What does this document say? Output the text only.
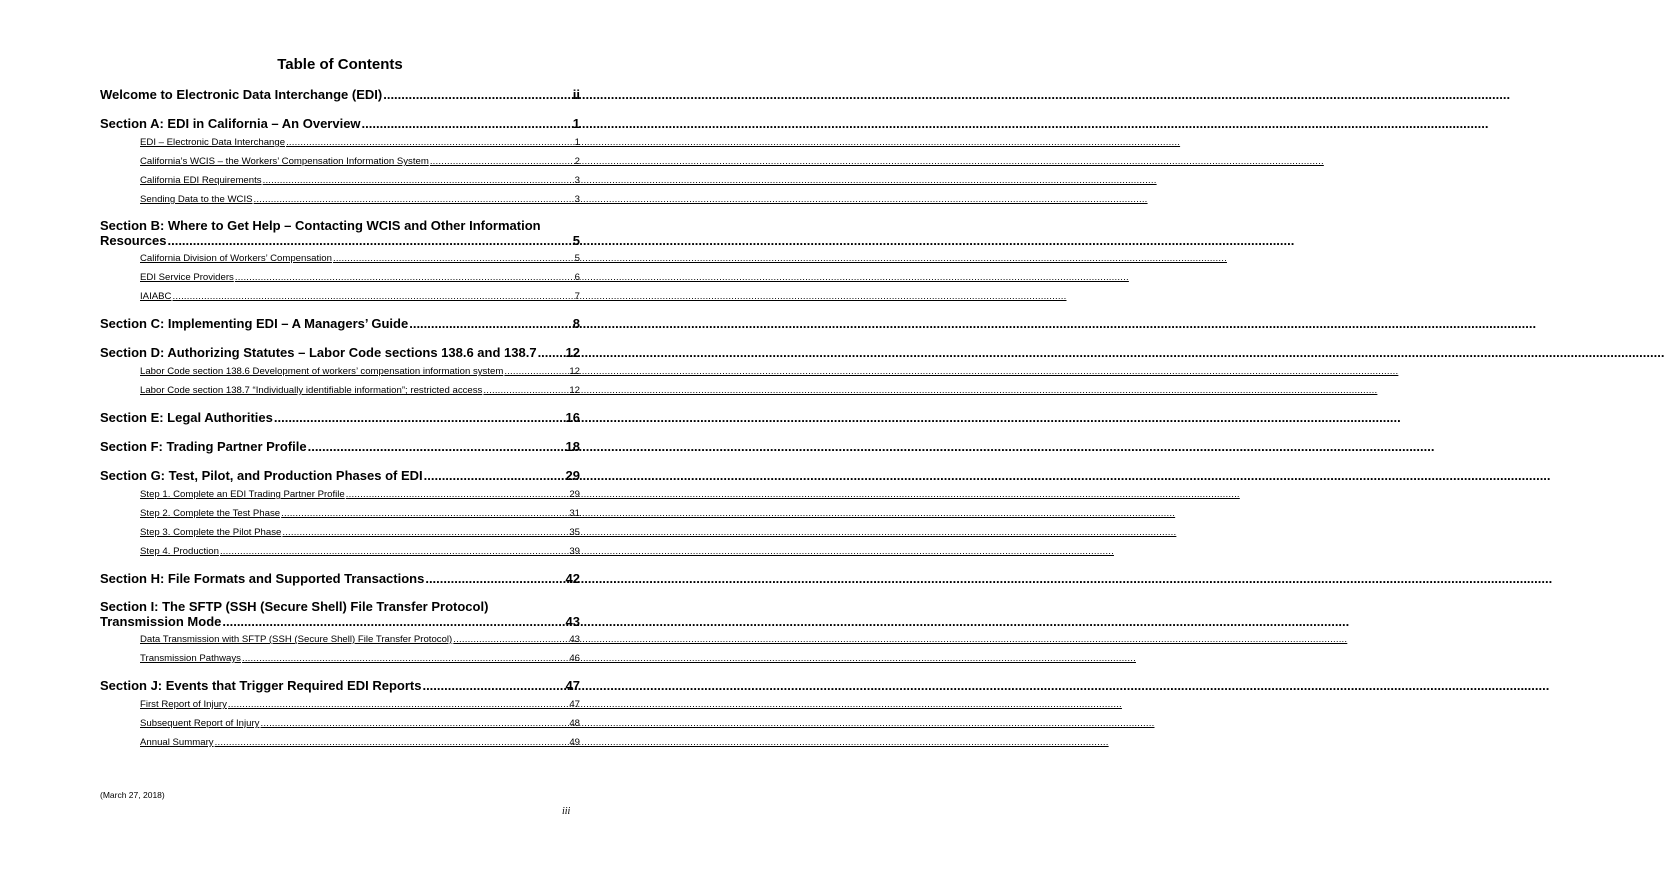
Table of Contents
Welcome to Electronic Data Interchange (EDI) .....	ii
Section A: EDI in California – An Overview .....	1
EDI – Electronic Data Interchange .....	1
California’s WCIS – the Workers’ Compensation Information System .....	2
California EDI Requirements .....	3
Sending Data to the WCIS .....	3
Section B: Where to Get Help – Contacting WCIS and Other Information
Resources .....	5
California Division of Workers’ Compensation .....	5
EDI Service Providers .....	6
IAIABC .....	7
Section C: Implementing EDI – A Managers’ Guide .....	8
Section D: Authorizing Statutes – Labor Code sections 138.6 and 138.7 ..... 12
Labor Code section 138.6 Development of workers’ compensation information system .....	12
Labor Code section 138.7 “Individually identifiable information”; restricted access .....	12
Section E: Legal Authorities .....	16
Section F: Trading Partner Profile .....	18
Section G: Test, Pilot, and Production Phases of EDI .....	29
Step 1. Complete an EDI Trading Partner Profile .....	29
Step 2. Complete the Test Phase .....	31
Step 3. Complete the Pilot Phase .....	35
Step 4. Production .....	39
Section H: File Formats and Supported Transactions .....	42
Section I: The SFTP (SSH (Secure Shell) File Transfer Protocol)
Transmission Mode .....	43
Data Transmission with SFTP (SSH (Secure Shell) File Transfer Protocol) .....	43
Transmission Pathways .....	46
Section J: Events that Trigger Required EDI Reports .....	47
First Report of Injury .....	47
Subsequent Report of Injury .....	48
Annual Summary .....	49
(March 27, 2018)
iii
